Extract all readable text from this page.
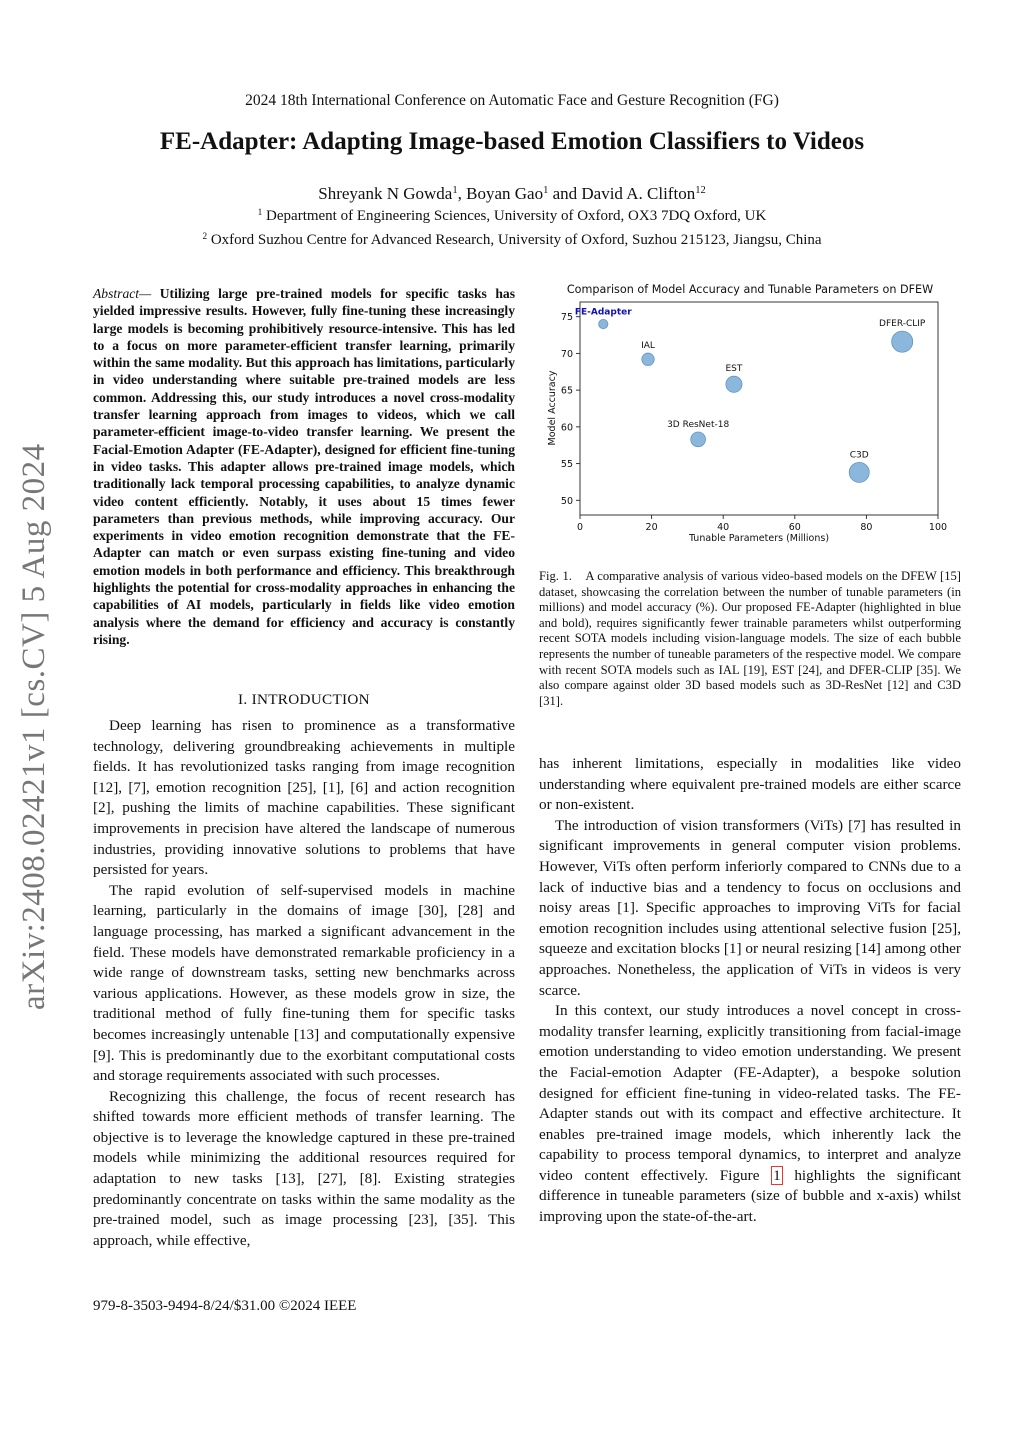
2024 18th International Conference on Automatic Face and Gesture Recognition (FG)
FE-Adapter: Adapting Image-based Emotion Classifiers to Videos
Shreyank N Gowda$^1$, Boyan Gao$^1$ and David A. Clifton$^{12}$
$^1$ Department of Engineering Sciences, University of Oxford, OX3 7DQ Oxford, UK
$^2$ Oxford Suzhou Centre for Advanced Research, University of Oxford, Suzhou 215123, Jiangsu, China
arXiv:2408.02421v1 [cs.CV] 5 Aug 2024
Abstract— Utilizing large pre-trained models for specific tasks has yielded impressive results. However, fully fine-tuning these increasingly large models is becoming prohibitively resource-intensive. This has led to a focus on more parameter-efficient transfer learning, primarily within the same modality. But this approach has limitations, particularly in video understanding where suitable pre-trained models are less common. Addressing this, our study introduces a novel cross-modality transfer learning approach from images to videos, which we call parameter-efficient image-to-video transfer learning. We present the Facial-Emotion Adapter (FE-Adapter), designed for efficient fine-tuning in video tasks. This adapter allows pre-trained image models, which traditionally lack temporal processing capabilities, to analyze dynamic video content efficiently. Notably, it uses about 15 times fewer parameters than previous methods, while improving accuracy. Our experiments in video emotion recognition demonstrate that the FE-Adapter can match or even surpass existing fine-tuning and video emotion models in both performance and efficiency. This breakthrough highlights the potential for cross-modality approaches in enhancing the capabilities of AI models, particularly in fields like video emotion analysis where the demand for efficiency and accuracy is constantly rising.
I. INTRODUCTION

Deep learning has risen to prominence as a transformative technology, delivering groundbreaking achievements in multiple fields. It has revolutionized tasks ranging from image recognition [12], [7], emotion recognition [25], [1], [6] and action recognition [2], pushing the limits of machine capabilities. These significant improvements in precision have altered the landscape of numerous industries, providing innovative solutions to problems that have persisted for years.

The rapid evolution of self-supervised models in machine learning, particularly in the domains of image [30], [28] and language processing, has marked a significant advancement in the field. These models have demonstrated remarkable proficiency in a wide range of downstream tasks, setting new benchmarks across various applications. However, as these models grow in size, the traditional method of fully fine-tuning them for specific tasks becomes increasingly untenable [13] and computationally expensive [9]. This is predominantly due to the exorbitant computational costs and storage requirements associated with such processes.

Recognizing this challenge, the focus of recent research has shifted towards more efficient methods of transfer learning. The objective is to leverage the knowledge captured in these pre-trained models while minimizing the additional resources required for adaptation to new tasks [13], [27], [8]. Existing strategies predominantly concentrate on tasks within the same modality as the pre-trained model, such as image processing [23], [35]. This approach, while effective,

Comparison of Model Accuracy and Tunable Parameters on DFEW
0	20	40	60	80	100
50
55
60
65
70
75 FE-Adapter
IAL
EST
3D ResNet-18
C3D
DFER-CLIP
Tunable Parameters (Millions)
Model Accuracy
Fig. 1. A comparative analysis of various video-based models on the DFEW [15] dataset, showcasing the correlation between the number of tunable parameters (in millions) and model accuracy (%). Our proposed FE-Adapter (highlighted in blue and bold), requires significantly fewer trainable parameters whilst outperforming recent SOTA models including vision-language models. The size of each bubble represents the number of tuneable parameters of the respective model. We compare with recent SOTA models such as IAL [19], EST [24], and DFER-CLIP [35]. We also compare against older 3D based models such as 3D-ResNet [12] and C3D [31].

has inherent limitations, especially in modalities like video understanding where equivalent pre-trained models are either scarce or non-existent.

The introduction of vision transformers (ViTs) [7] has resulted in significant improvements in general computer vision problems. However, ViTs often perform inferiorly compared to CNNs due to a lack of inductive bias and a tendency to focus on occlusions and noisy areas [1]. Specific approaches to improving ViTs for facial emotion recognition includes using attentional selective fusion [25], squeeze and excitation blocks [1] or neural resizing [14] among other approaches. Nonetheless, the application of ViTs in videos is very scarce.

In this context, our study introduces a novel concept in cross-modality transfer learning, explicitly transitioning from facial-image emotion understanding to video emotion understanding. We present the Facial-emotion Adapter (FE-Adapter), a bespoke solution designed for efficient fine-tuning in video-related tasks. The FE-Adapter stands out with its compact and effective architecture. It enables pre-trained image models, which inherently lack the capability to process temporal dynamics, to interpret and analyze video content effectively. Figure 1 highlights the significant difference in tuneable parameters (size of bubble and x-axis) whilst improving upon the state-of-the-art.

979-8-3503-9494-8/24/$31.00 ©2024 IEEE
